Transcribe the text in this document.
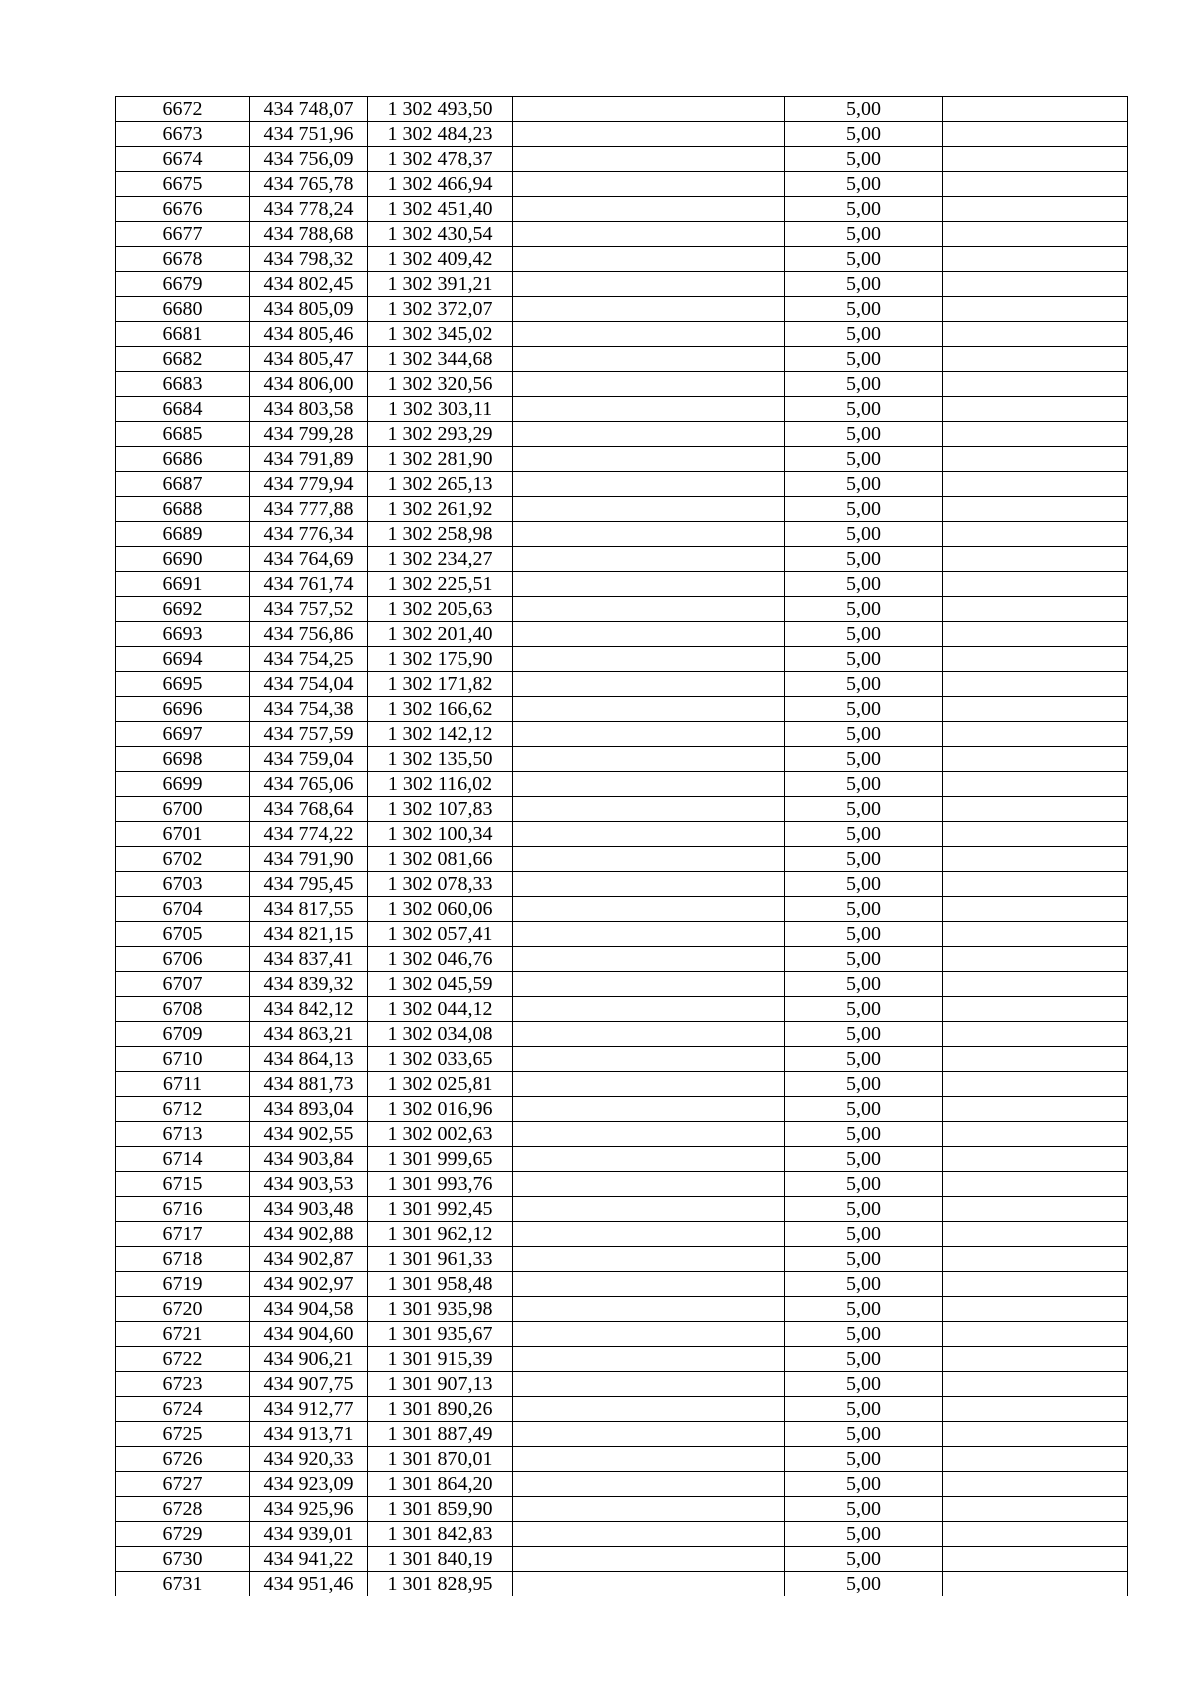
6672	434 748,07	1 302 493,50		5,00	
6673	434 751,96	1 302 484,23		5,00	
6674	434 756,09	1 302 478,37		5,00	
6675	434 765,78	1 302 466,94		5,00	
6676	434 778,24	1 302 451,40		5,00	
6677	434 788,68	1 302 430,54		5,00	
6678	434 798,32	1 302 409,42		5,00	
6679	434 802,45	1 302 391,21		5,00	
6680	434 805,09	1 302 372,07		5,00	
6681	434 805,46	1 302 345,02		5,00	
6682	434 805,47	1 302 344,68		5,00	
6683	434 806,00	1 302 320,56		5,00	
6684	434 803,58	1 302 303,11		5,00	
6685	434 799,28	1 302 293,29		5,00	
6686	434 791,89	1 302 281,90		5,00	
6687	434 779,94	1 302 265,13		5,00	
6688	434 777,88	1 302 261,92		5,00	
6689	434 776,34	1 302 258,98		5,00	
6690	434 764,69	1 302 234,27		5,00	
6691	434 761,74	1 302 225,51		5,00	
6692	434 757,52	1 302 205,63		5,00	
6693	434 756,86	1 302 201,40		5,00	
6694	434 754,25	1 302 175,90		5,00	
6695	434 754,04	1 302 171,82		5,00	
6696	434 754,38	1 302 166,62		5,00	
6697	434 757,59	1 302 142,12		5,00	
6698	434 759,04	1 302 135,50		5,00	
6699	434 765,06	1 302 116,02		5,00	
6700	434 768,64	1 302 107,83		5,00	
6701	434 774,22	1 302 100,34		5,00	
6702	434 791,90	1 302 081,66		5,00	
6703	434 795,45	1 302 078,33		5,00	
6704	434 817,55	1 302 060,06		5,00	
6705	434 821,15	1 302 057,41		5,00	
6706	434 837,41	1 302 046,76		5,00	
6707	434 839,32	1 302 045,59		5,00	
6708	434 842,12	1 302 044,12		5,00	
6709	434 863,21	1 302 034,08		5,00	
6710	434 864,13	1 302 033,65		5,00	
6711	434 881,73	1 302 025,81		5,00	
6712	434 893,04	1 302 016,96		5,00	
6713	434 902,55	1 302 002,63		5,00	
6714	434 903,84	1 301 999,65		5,00	
6715	434 903,53	1 301 993,76		5,00	
6716	434 903,48	1 301 992,45		5,00	
6717	434 902,88	1 301 962,12		5,00	
6718	434 902,87	1 301 961,33		5,00	
6719	434 902,97	1 301 958,48		5,00	
6720	434 904,58	1 301 935,98		5,00	
6721	434 904,60	1 301 935,67		5,00	
6722	434 906,21	1 301 915,39		5,00	
6723	434 907,75	1 301 907,13		5,00	
6724	434 912,77	1 301 890,26		5,00	
6725	434 913,71	1 301 887,49		5,00	
6726	434 920,33	1 301 870,01		5,00	
6727	434 923,09	1 301 864,20		5,00	
6728	434 925,96	1 301 859,90		5,00	
6729	434 939,01	1 301 842,83		5,00	
6730	434 941,22	1 301 840,19		5,00	
6731	434 951,46	1 301 828,95		5,00	
